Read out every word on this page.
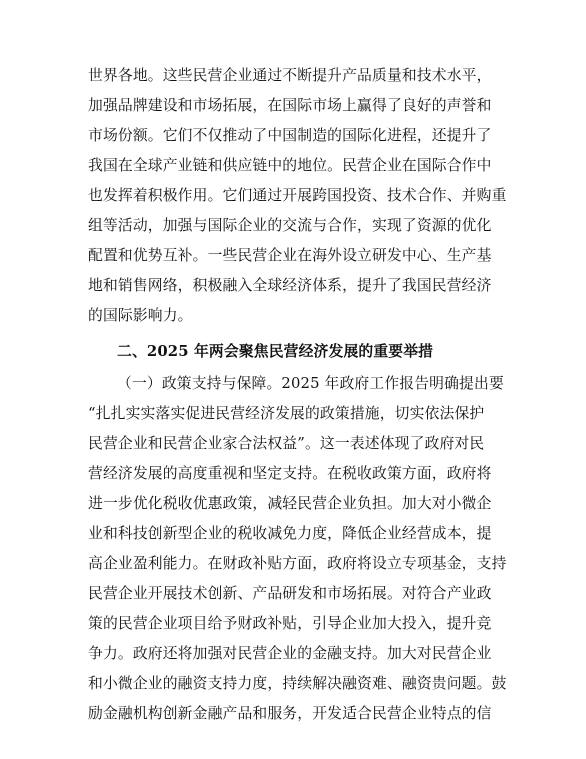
世界各地。这些民营企业通过不断提升产品质量和技术水平，
加强品牌建设和市场拓展，在国际市场上赢得了良好的声誉和
市场份额。它们不仅推动了中国制造的国际化进程，还提升了
我国在全球产业链和供应链中的地位。民营企业在国际合作中
也发挥着积极作用。它们通过开展跨国投资、技术合作、并购重
组等活动，加强与国际企业的交流与合作，实现了资源的优化
配置和优势互补。一些民营企业在海外设立研发中心、生产基
地和销售网络，积极融入全球经济体系，提升了我国民营经济
的国际影响力。
二、2025 年两会聚焦民营经济发展的重要举措
（一）政策支持与保障。2025 年政府工作报告明确提出要
“扎扎实实落实促进民营经济发展的政策措施，切实依法保护
民营企业和民营企业家合法权益”。这一表述体现了政府对民
营经济发展的高度重视和坚定支持。在税收政策方面，政府将
进一步优化税收优惠政策，减轻民营企业负担。加大对小微企
业和科技创新型企业的税收减免力度，降低企业经营成本，提
高企业盈利能力。在财政补贴方面，政府将设立专项基金，支持
民营企业开展技术创新、产品研发和市场拓展。对符合产业政
策的民营企业项目给予财政补贴，引导企业加大投入，提升竞
争力。政府还将加强对民营企业的金融支持。加大对民营企业
和小微企业的融资支持力度，持续解决融资难、融资贵问题。鼓
励金融机构创新金融产品和服务，开发适合民营企业特点的信
